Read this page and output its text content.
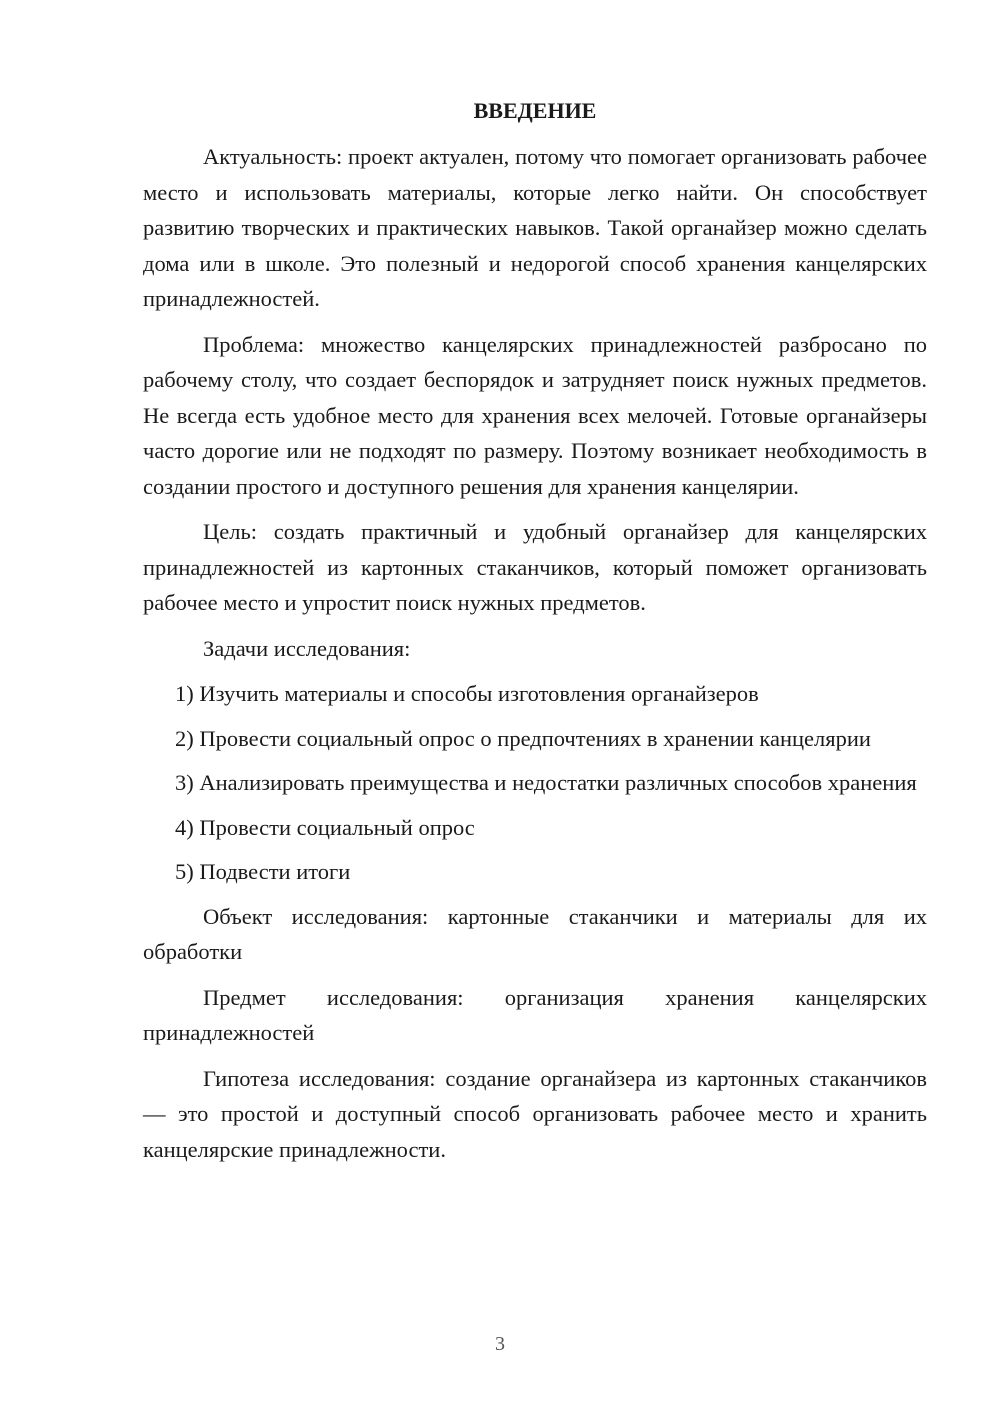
ВВЕДЕНИЕ

Актуальность: проект актуален, потому что помогает организовать рабочее место и использовать материалы, которые легко найти. Он способствует развитию творческих и практических навыков. Такой органайзер можно сделать дома или в школе. Это полезный и недорогой способ хранения канцелярских принадлежностей.

Проблема: множество канцелярских принадлежностей разбросано по рабочему столу, что создает беспорядок и затрудняет поиск нужных предметов. Не всегда есть удобное место для хранения всех мелочей. Готовые органайзеры часто дорогие или не подходят по размеру. Поэтому возникает необходимость в создании простого и доступного решения для хранения канцелярии.

Цель: создать практичный и удобный органайзер для канцелярских принадлежностей из картонных стаканчиков, который поможет организовать рабочее место и упростит поиск нужных предметов.

Задачи исследования:

1) Изучить материалы и способы изготовления органайзеров

2) Провести социальный опрос о предпочтениях в хранении канцелярии

3) Анализировать преимущества и недостатки различных способов хранения

4) Провести социальный опрос

5) Подвести итоги

Объект исследования: картонные стаканчики и материалы для их обработки

Предмет исследования: организация хранения канцелярских принадлежностей

Гипотеза исследования: создание органайзера из картонных стаканчиков — это простой и доступный способ организовать рабочее место и хранить канцелярские принадлежности.

3
